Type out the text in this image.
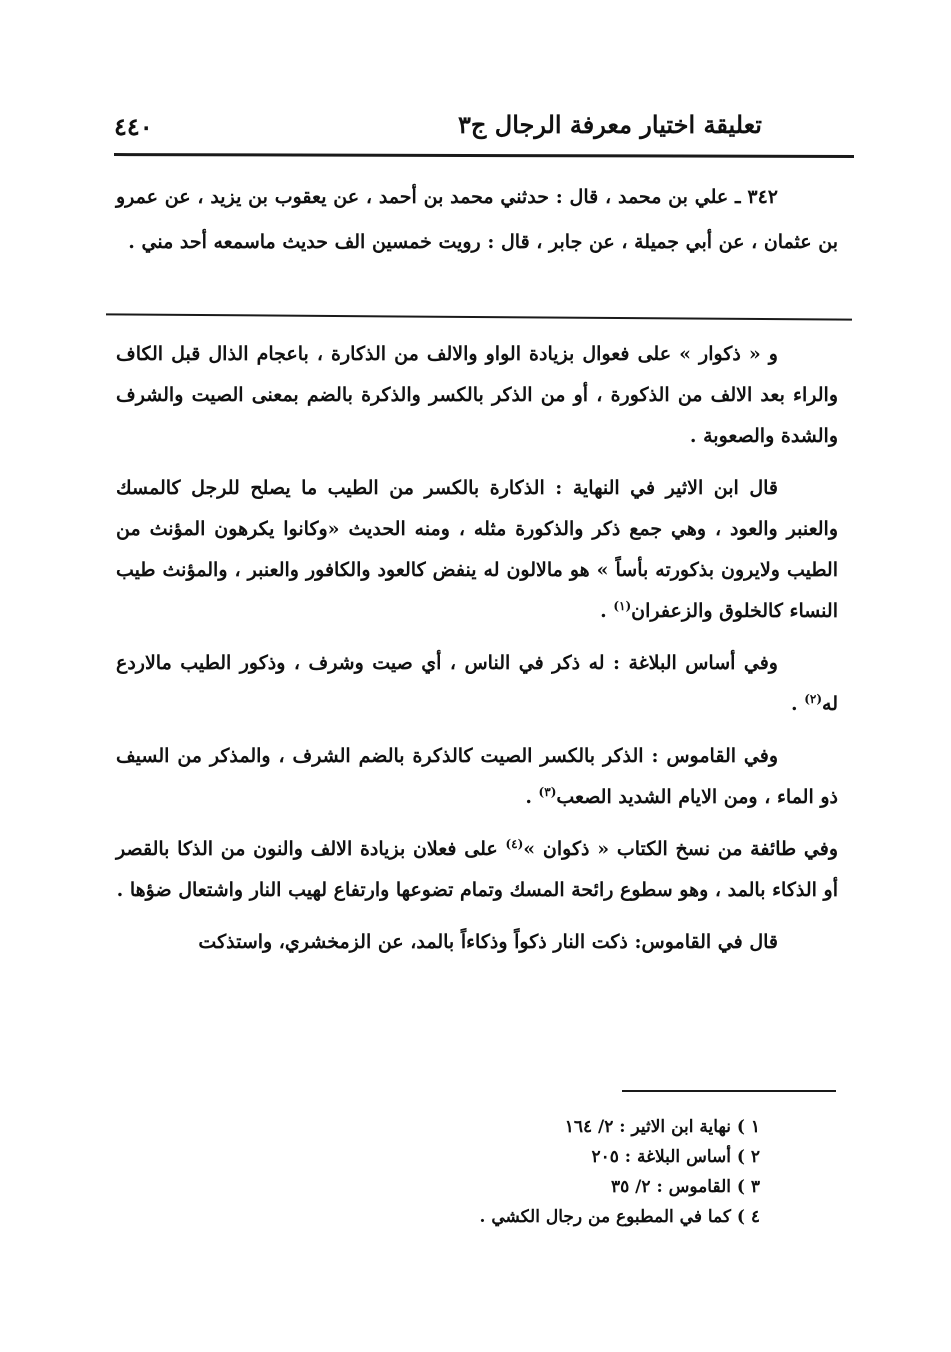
تعليقة اختيار معرفة الرجال ج٣
٤٤٠

٣٤٢ ـ علي بن محمد ، قال : حدثني محمد بن أحمد ، عن يعقوب بن يزيد ، عن عمرو بن عثمان ، عن أبي جميلة ، عن جابر ، قال : رويت خمسين الف حديث ماسمعه أحد مني .

و « ذكوار » على فعوال بزيادة الواو والالف من الذكارة ، باعجام الذال قبل الكاف والراء بعد الالف من الذكورة ، أو من الذكر بالكسر والذكرة بالضم بمعنى الصيت والشرف والشدة والصعوبة .

قال ابن الاثير في النهاية : الذكارة بالكسر من الطيب ما يصلح للرجل كالمسك والعنبر والعود ، وهي جمع ذكر والذكورة مثله ، ومنه الحديث «وكانوا يكرهون المؤنث من الطيب ولايرون بذكورته بأساً » هو مالالون له ينفض كالعود والكافور والعنبر ، والمؤنث طيب النساء كالخلوق والزعفران$^{(١)}$ .

وفي أساس البلاغة : له ذكر في الناس ، أي صيت وشرف ، وذكور الطيب مالاردع له$^{(٢)}$ .

وفي القاموس : الذكر بالكسر الصيت كالذكرة بالضم الشرف ، والمذكر من السيف ذو الماء ، ومن الايام الشديد الصعب$^{(٣)}$ .

وفي طائفة من نسخ الكتاب « ذكوان »$^{(٤)}$ على فعلان بزيادة الالف والنون من الذكا بالقصر أو الذكاء بالمد ، وهو سطوع رائحة المسك وتمام تضوعها وارتفاع لهيب النار واشتعال ضؤها .

قال في القاموس: ذكت النار ذكواً وذكاءاً بالمد، عن الزمخشري، واستذكت

١ ) نهاية ابن الاثير : ٢/ ١٦٤
٢ ) أساس البلاغة : ٢٠٥
٣ ) القاموس : ٢/ ٣٥
٤ ) كما في المطبوع من رجال الكشي .
